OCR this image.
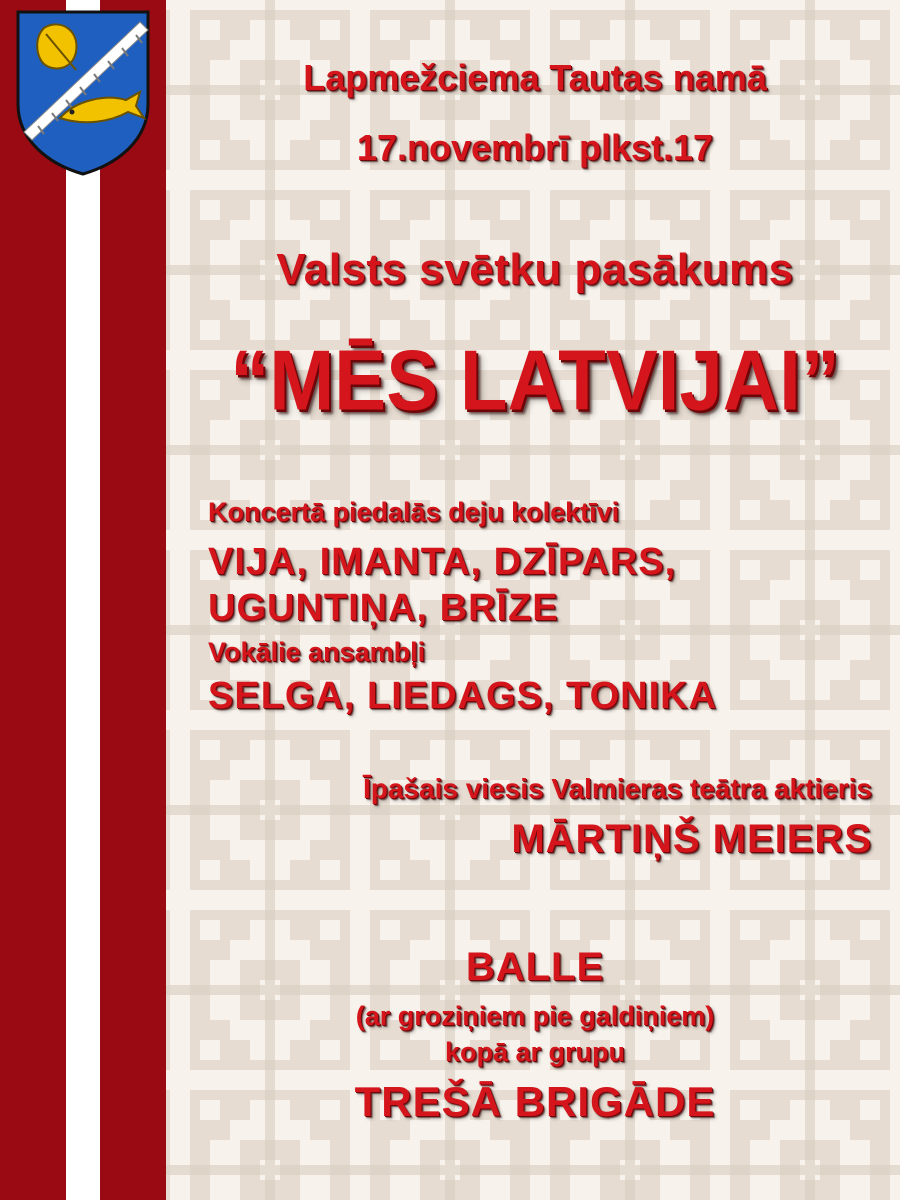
Lapmežciema Tautas namā

17.novembrī plkst.17

Valsts svētku pasākums

“MĒS LATVIJAI”

Koncertā piedalās deju kolektīvi

VIJA, IMANTA, DZĪPARS,

UGUNTIŅA, BRĪZE

Vokālie ansambļi

SELGA, LIEDAGS, TONIKA

Īpašais viesis Valmieras teātra aktieris

MĀRTIŅŠ MEIERS

BALLE

(ar groziņiem pie galdiņiem)

kopā ar grupu

TREŠĀ BRIGĀDE
